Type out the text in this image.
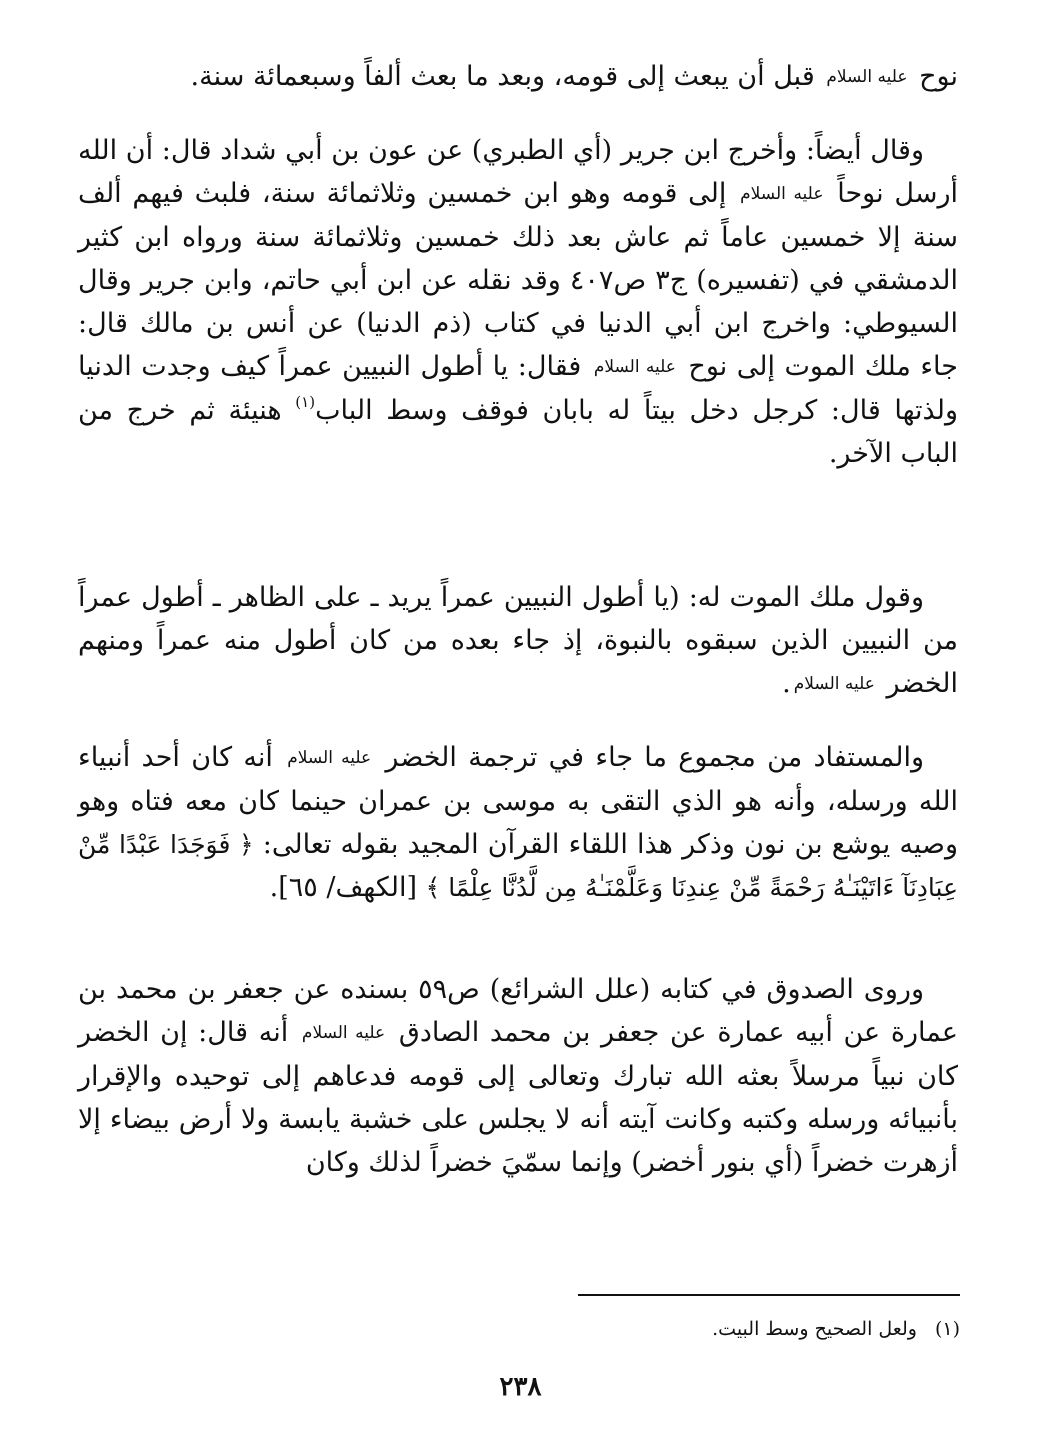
نوح عليه السلام قبل أن يبعث إلى قومه، وبعد ما بعث ألفاً وسبعمائة سنة.

وقال أيضاً: وأخرج ابن جرير (أي الطبري) عن عون بن أبي شداد قال: أن الله أرسل نوحاً عليه السلام إلى قومه وهو ابن خمسين وثلاثمائة سنة، فلبث فيهم ألف سنة إلا خمسين عاماً ثم عاش بعد ذلك خمسين وثلاثمائة سنة ورواه ابن كثير الدمشقي في (تفسيره) ج٣ ص٤٠٧ وقد نقله عن ابن أبي حاتم، وابن جرير وقال السيوطي: واخرج ابن أبي الدنيا في كتاب (ذم الدنيا) عن أنس بن مالك قال: جاء ملك الموت إلى نوح عليه السلام فقال: يا أطول النبيين عمراً كيف وجدت الدنيا ولذتها قال: كرجل دخل بيتاً له بابان فوقف وسط الباب$^{(١)}$ هنيئة ثم خرج من الباب الآخر.

وقول ملك الموت له: (يا أطول النبيين عمراً يريد ـ على الظاهر ـ أطول عمراً من النبيين الذين سبقوه بالنبوة، إذ جاء بعده من كان أطول منه عمراً ومنهم الخضر عليه السلام.

والمستفاد من مجموع ما جاء في ترجمة الخضر عليه السلام أنه كان أحد أنبياء الله ورسله، وأنه هو الذي التقى به موسى بن عمران حينما كان معه فتاه وهو وصيه يوشع بن نون وذكر هذا اللقاء القرآن المجيد بقوله تعالى: ﴿ فَوَجَدَا عَبْدًا مِّنْ عِبَادِنَآ ءَاتَيْنَـٰهُ رَحْمَةً مِّنْ عِندِنَا وَعَلَّمْنَـٰهُ مِن لَّدُنَّا عِلْمًا ﴾ [الكهف/ ٦٥].

وروى الصدوق في كتابه (علل الشرائع) ص٥٩ بسنده عن جعفر بن محمد بن عمارة عن أبيه عمارة عن جعفر بن محمد الصادق عليه السلام أنه قال: إن الخضر كان نبياً مرسلاً بعثه الله تبارك وتعالى إلى قومه فدعاهم إلى توحيده والإقرار بأنبيائه ورسله وكتبه وكانت آيته أنه لا يجلس على خشبة يابسة ولا أرض بيضاء إلا أزهرت خضراً (أي بنور أخضر) وإنما سمّيَ خضراً لذلك وكان

(١)ولعل الصحيح وسط البيت.
٢٣٨
